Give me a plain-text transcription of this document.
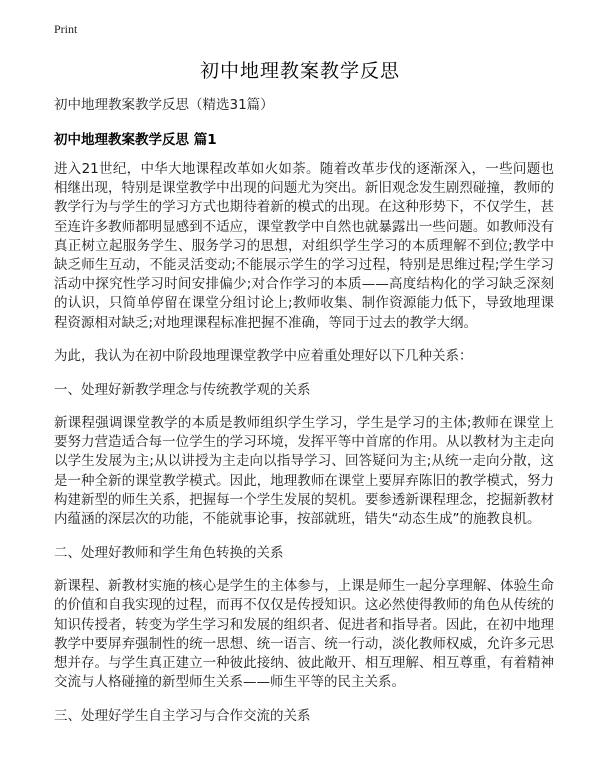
Print
初中地理教案教学反思

初中地理教案教学反思（精选31篇）

初中地理教案教学反思 篇1

进入21世纪，中华大地课程改革如火如荼。随着改革步伐的逐渐深入，一些问题也相继出现，特别是课堂教学中出现的问题尤为突出。新旧观念发生剧烈碰撞，教师的教学行为与学生的学习方式也期待着新的模式的出现。在这种形势下，不仅学生，甚至连许多教师都明显感到不适应，课堂教学中自然也就暴露出一些问题。如教师没有真正树立起服务学生、服务学习的思想，对组织学生学习的本质理解不到位;教学中缺乏师生互动，不能灵活变动;不能展示学生的学习过程，特别是思维过程;学生学习活动中探究性学习时间安排偏少;对合作学习的本质——高度结构化的学习缺乏深刻的认识，只简单停留在课堂分组讨论上;教师收集、制作资源能力低下，导致地理课程资源相对缺乏;对地理课程标准把握不准确，等同于过去的教学大纲。

为此，我认为在初中阶段地理课堂教学中应着重处理好以下几种关系：

一、处理好新教学理念与传统教学观的关系

新课程强调课堂教学的本质是教师组织学生学习，学生是学习的主体;教师在课堂上要努力营造适合每一位学生的学习环境，发挥平等中首席的作用。从以教材为主走向以学生发展为主;从以讲授为主走向以指导学习、回答疑问为主;从统一走向分散，这是一种全新的课堂教学模式。因此，地理教师在课堂上要屏弃陈旧的教学模式，努力构建新型的师生关系，把握每一个学生发展的契机。要参透新课程理念，挖掘新教材内蕴涵的深层次的功能，不能就事论事，按部就班，错失“动态生成”的施教良机。

二、处理好教师和学生角色转换的关系

新课程、新教材实施的核心是学生的主体参与，上课是师生一起分享理解、体验生命的价值和自我实现的过程，而再不仅仅是传授知识。这必然使得教师的角色从传统的知识传授者，转变为学生学习和发展的组织者、促进者和指导者。因此，在初中地理教学中要屏弃强制性的统一思想、统一语言、统一行动，淡化教师权威，允许多元思想并存。与学生真正建立一种彼此接纳、彼此敞开、相互理解、相互尊重，有着精神交流与人格碰撞的新型师生关系——师生平等的民主关系。

三、处理好学生自主学习与合作交流的关系
